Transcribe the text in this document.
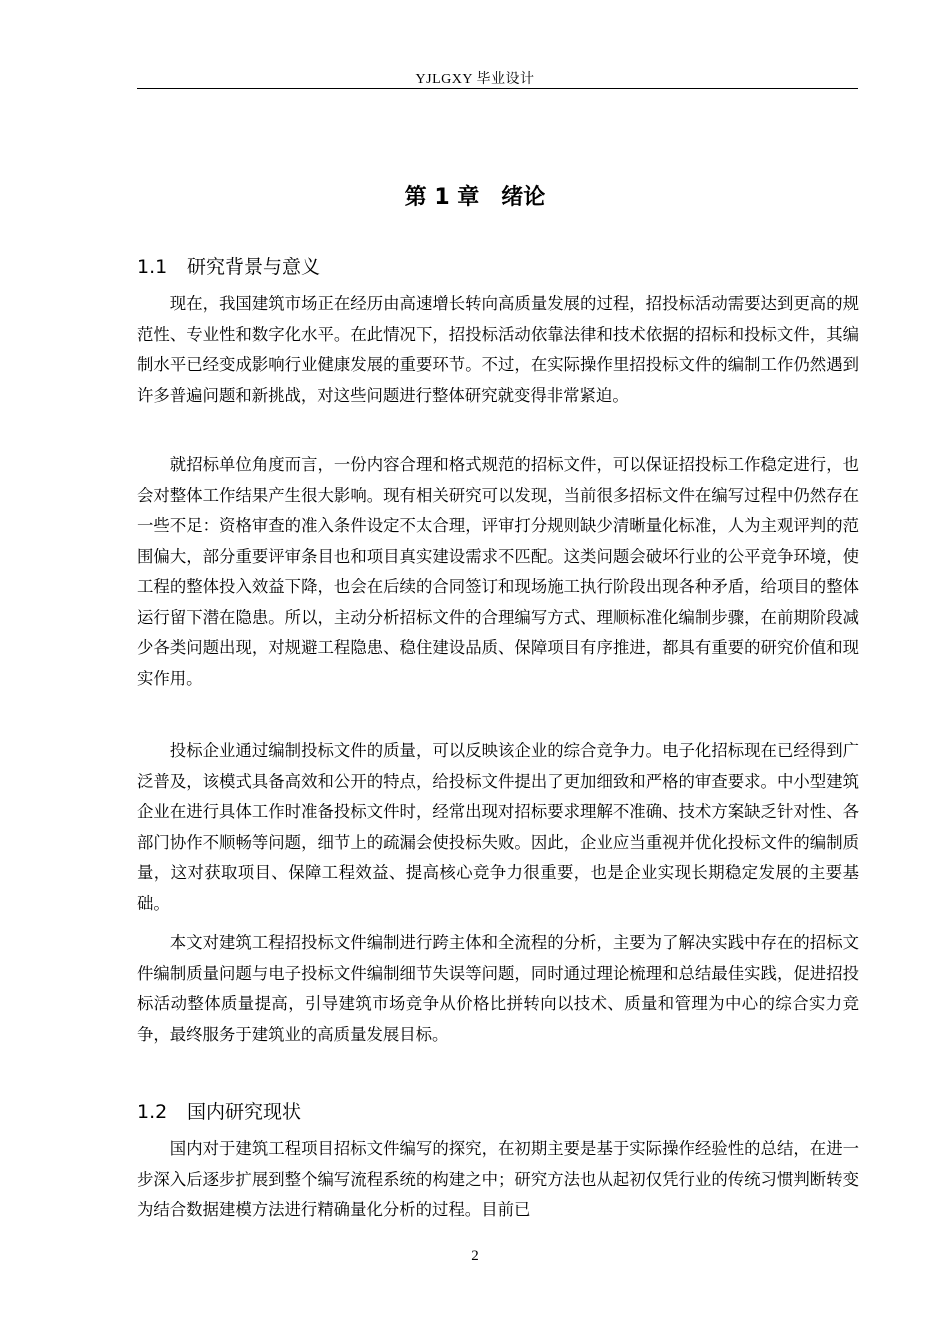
YJLGXY 毕业设计
第 1 章　绪论
1.1 研究背景与意义

现在，我国建筑市场正在经历由高速增长转向高质量发展的过程，招投标活动需要达到更高的规范性、专业性和数字化水平。在此情况下，招投标活动依靠法律和技术依据的招标和投标文件，其编制水平已经变成影响行业健康发展的重要环节。不过，在实际操作里招投标文件的编制工作仍然遇到许多普遍问题和新挑战，对这些问题进行整体研究就变得非常紧迫。

就招标单位角度而言，一份内容合理和格式规范的招标文件，可以保证招投标工作稳定进行，也会对整体工作结果产生很大影响。现有相关研究可以发现，当前很多招标文件在编写过程中仍然存在一些不足：资格审查的准入条件设定不太合理，评审打分规则缺少清晰量化标准，人为主观评判的范围偏大，部分重要评审条目也和项目真实建设需求不匹配。这类问题会破坏行业的公平竞争环境，使工程的整体投入效益下降，也会在后续的合同签订和现场施工执行阶段出现各种矛盾，给项目的整体运行留下潜在隐患。所以，主动分析招标文件的合理编写方式、理顺标准化编制步骤，在前期阶段减少各类问题出现，对规避工程隐患、稳住建设品质、保障项目有序推进，都具有重要的研究价值和现实作用。

投标企业通过编制投标文件的质量，可以反映该企业的综合竞争力。电子化招标现在已经得到广泛普及，该模式具备高效和公开的特点，给投标文件提出了更加细致和严格的审查要求。中小型建筑企业在进行具体工作时准备投标文件时，经常出现对招标要求理解不准确、技术方案缺乏针对性、各部门协作不顺畅等问题，细节上的疏漏会使投标失败。因此，企业应当重视并优化投标文件的编制质量，这对获取项目、保障工程效益、提高核心竞争力很重要，也是企业实现长期稳定发展的主要基础。

本文对建筑工程招投标文件编制进行跨主体和全流程的分析，主要为了解决实践中存在的招标文件编制质量问题与电子投标文件编制细节失误等问题，同时通过理论梳理和总结最佳实践，促进招投标活动整体质量提高，引导建筑市场竞争从价格比拼转向以技术、质量和管理为中心的综合实力竞争，最终服务于建筑业的高质量发展目标。

1.2 国内研究现状

国内对于建筑工程项目招标文件编写的探究，在初期主要是基于实际操作经验性的总结，在进一步深入后逐步扩展到整个编写流程系统的构建之中；研究方法也从起初仅凭行业的传统习惯判断转变为结合数据建模方法进行精确量化分析的过程。目前已

2
